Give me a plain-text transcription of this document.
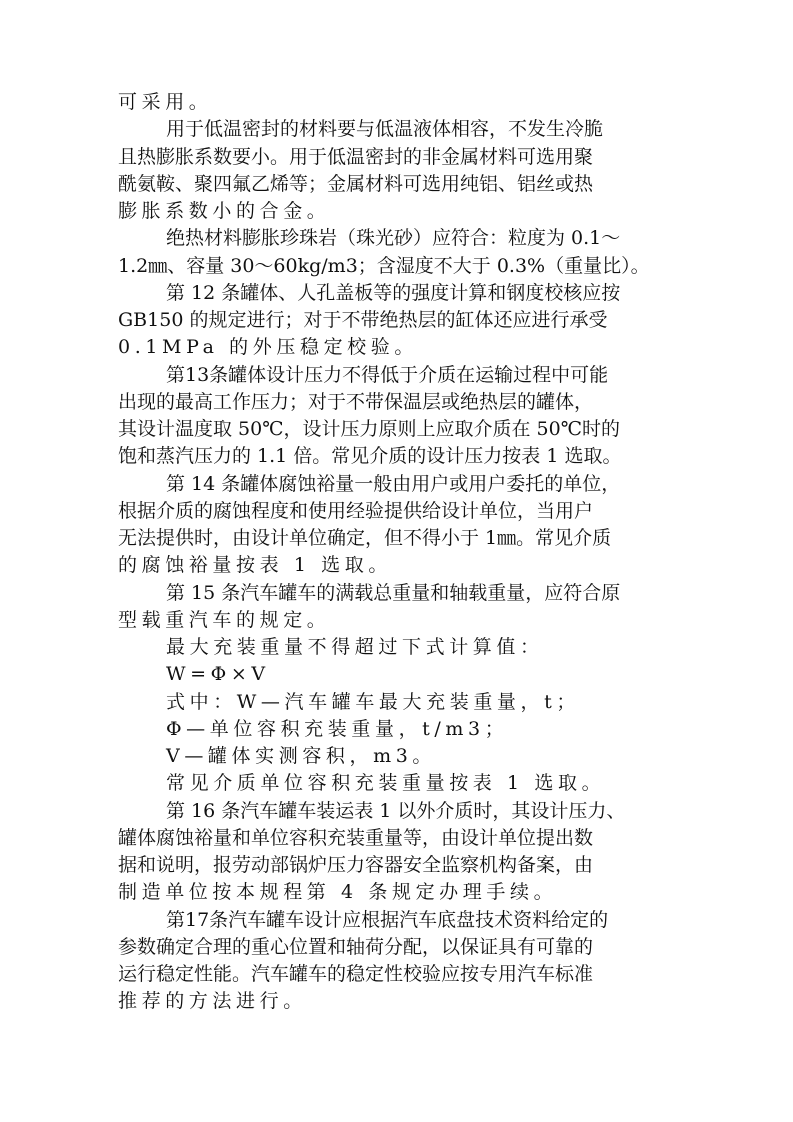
可采用。
用于低温密封的材料要与低温液体相容，不发生冷脆
且热膨胀系数要小。用于低温密封的非金属材料可选用聚
酰氨鞍、聚四氟乙烯等；金属材料可选用纯铝、铝丝或热
膨胀系数小的合金。
绝热材料膨胀珍珠岩（珠光砂）应符合：粒度为 0.1～
1.2㎜、容量 30～60kg/m3；含湿度不大于 0.3%（重量比）。
第 12 条罐体、人孔盖板等的强度计算和钢度校核应按
GB150 的规定进行；对于不带绝热层的缸体还应进行承受
0.1MPa 的外压稳定校验。
第13条罐体设计压力不得低于介质在运输过程中可能
出现的最高工作压力；对于不带保温层或绝热层的罐体，
其设计温度取 50℃，设计压力原则上应取介质在 50℃时的
饱和蒸汽压力的 1.1 倍。常见介质的设计压力按表 1 选取。
第 14 条罐体腐蚀裕量一般由用户或用户委托的单位，
根据介质的腐蚀程度和使用经验提供给设计单位，当用户
无法提供时，由设计单位确定，但不得小于 1㎜。常见介质
的腐蚀裕量按表 1 选取。
第 15 条汽车罐车的满载总重量和轴载重量，应符合原
型载重汽车的规定。
最大充装重量不得超过下式计算值：
W=Φ×V
式中：W—汽车罐车最大充装重量，t；
Φ—单位容积充装重量，t/m3；
V—罐体实测容积，m3。
常见介质单位容积充装重量按表 1 选取。
第 16 条汽车罐车装运表 1 以外介质时，其设计压力、
罐体腐蚀裕量和单位容积充装重量等，由设计单位提出数
据和说明，报劳动部锅炉压力容器安全监察机构备案，由
制造单位按本规程第 4 条规定办理手续。
第17条汽车罐车设计应根据汽车底盘技术资料给定的
参数确定合理的重心位置和轴荷分配，以保证具有可靠的
运行稳定性能。汽车罐车的稳定性校验应按专用汽车标准
推荐的方法进行。
